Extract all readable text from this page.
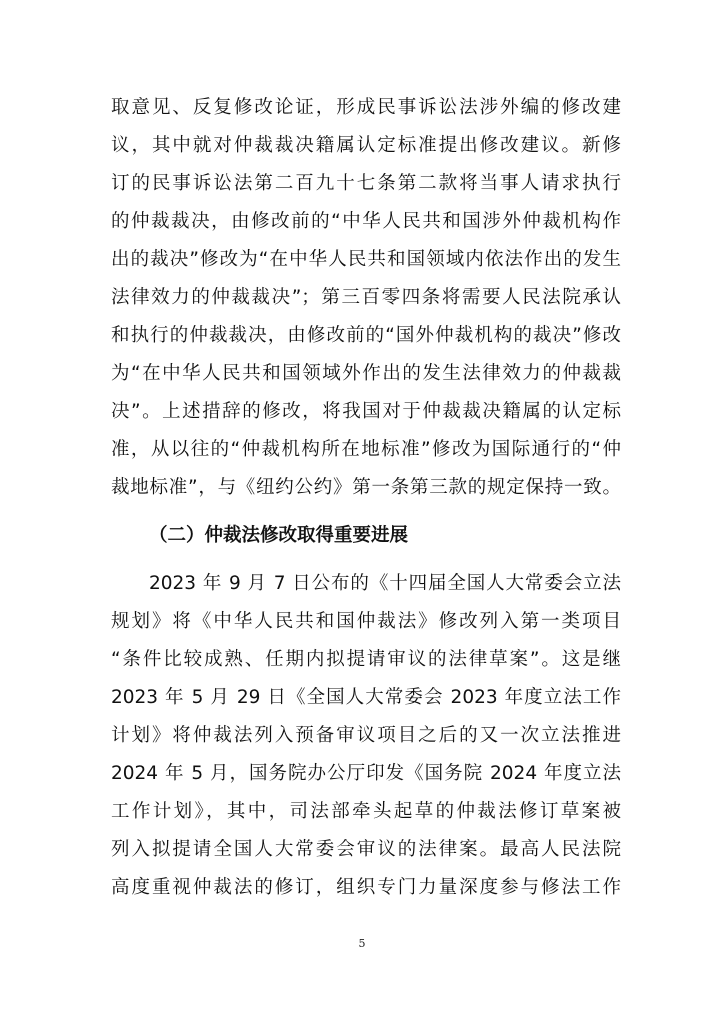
取意见、反复修改论证，形成民事诉讼法涉外编的修改建
议，其中就对仲裁裁决籍属认定标准提出修改建议。新修
订的民事诉讼法第二百九十七条第二款将当事人请求执行
的仲裁裁决，由修改前的“中华人民共和国涉外仲裁机构作
出的裁决”修改为“在中华人民共和国领域内依法作出的发生
法律效力的仲裁裁决”；第三百零四条将需要人民法院承认
和执行的仲裁裁决，由修改前的“国外仲裁机构的裁决”修改
为“在中华人民共和国领域外作出的发生法律效力的仲裁裁
决”。上述措辞的修改，将我国对于仲裁裁决籍属的认定标
准，从以往的“仲裁机构所在地标准”修改为国际通行的“仲
裁地标准”，与《纽约公约》第一条第三款的规定保持一致。
（二）仲裁法修改取得重要进展
2023 年 9 月 7 日公布的《十四届全国人大常委会立法
规划》将《中华人民共和国仲裁法》修改列入第一类项目
“条件比较成熟、任期内拟提请审议的法律草案”。这是继
2023 年 5 月 29 日《全国人大常委会 2023 年度立法工作
计划》将仲裁法列入预备审议项目之后的又一次立法推进
2024 年 5 月，国务院办公厅印发《国务院 2024 年度立法
工作计划》，其中，司法部牵头起草的仲裁法修订草案被
列入拟提请全国人大常委会审议的法律案。最高人民法院
高度重视仲裁法的修订，组织专门力量深度参与修法工作
5
